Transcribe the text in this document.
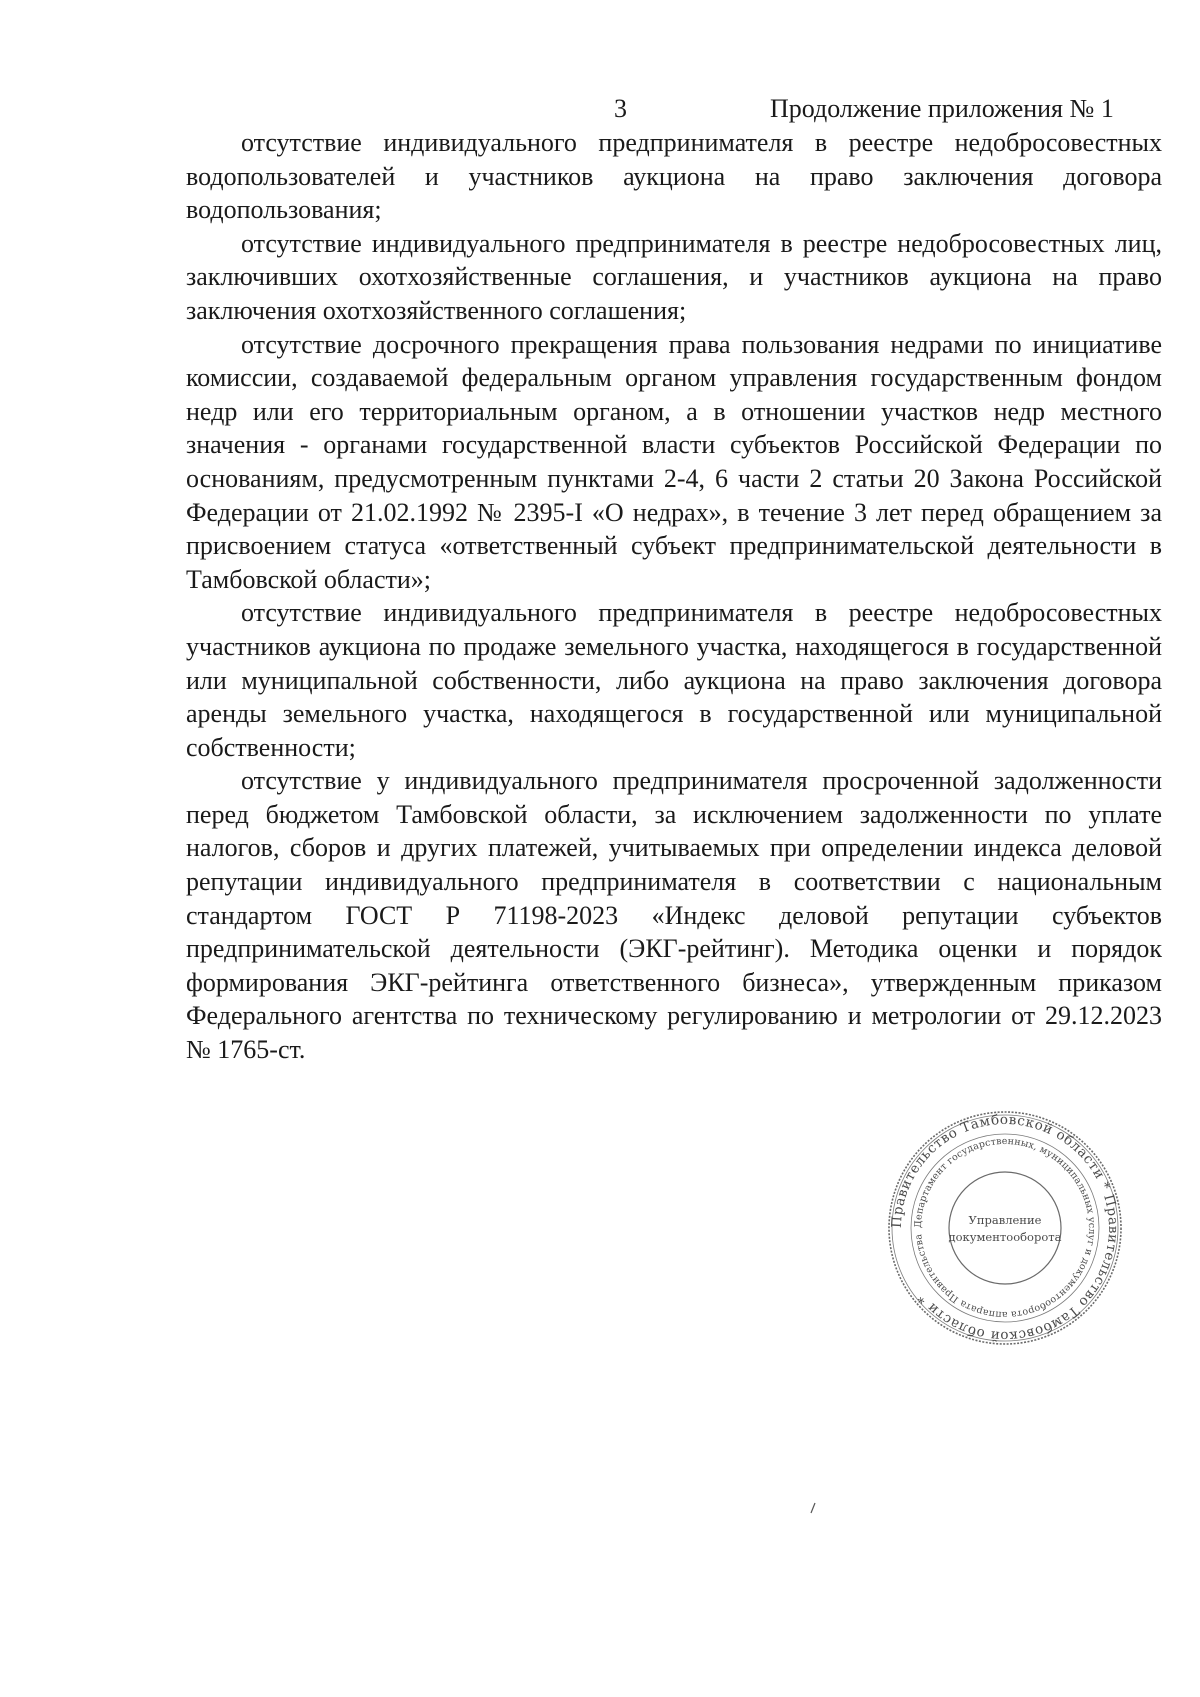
3	Продолжение приложения № 1

отсутствие индивидуального предпринимателя в реестре недобросовестных водопользователей и участников аукциона на право заключения договора водопользования;

отсутствие индивидуального предпринимателя в реестре недобросовестных лиц, заключивших охотхозяйственные соглашения, и участников аукциона на право заключения охотхозяйственного соглашения;

отсутствие досрочного прекращения права пользования недрами по инициативе комиссии, создаваемой федеральным органом управления государственным фондом недр или его территориальным органом, а в отношении участков недр местного значения - органами государственной власти субъектов Российской Федерации по основаниям, предусмотренным пунктами 2-4, 6 части 2 статьи 20 Закона Российской Федерации от 21.02.1992 № 2395-I «О недрах», в течение 3 лет перед обращением за присвоением статуса «ответственный субъект предпринимательской деятельности в Тамбовской области»;

отсутствие индивидуального предпринимателя в реестре недобросовестных участников аукциона по продаже земельного участка, находящегося в государственной или муниципальной собственности, либо аукциона на право заключения договора аренды земельного участка, находящегося в государственной или муниципальной собственности;

отсутствие у индивидуального предпринимателя просроченной задолженности перед бюджетом Тамбовской области, за исключением задолженности по уплате налогов, сборов и других платежей, учитываемых при определении индекса деловой репутации индивидуального предпринимателя в соответствии с национальным стандартом ГОСТ Р 71198-2023 «Индекс деловой репутации субъектов предпринимательской деятельности (ЭКГ-рейтинг). Методика оценки и порядок формирования ЭКГ-рейтинга ответственного бизнеса», утвержденным приказом Федерального агентства по техническому регулированию и метрологии от 29.12.2023 № 1765-ст.

Правительство Тамбовской области * Правительство Тамбовской области *
Департамент государственных, муниципальных услуг и документооборота аппарата Правительства
Управление
документооборота
